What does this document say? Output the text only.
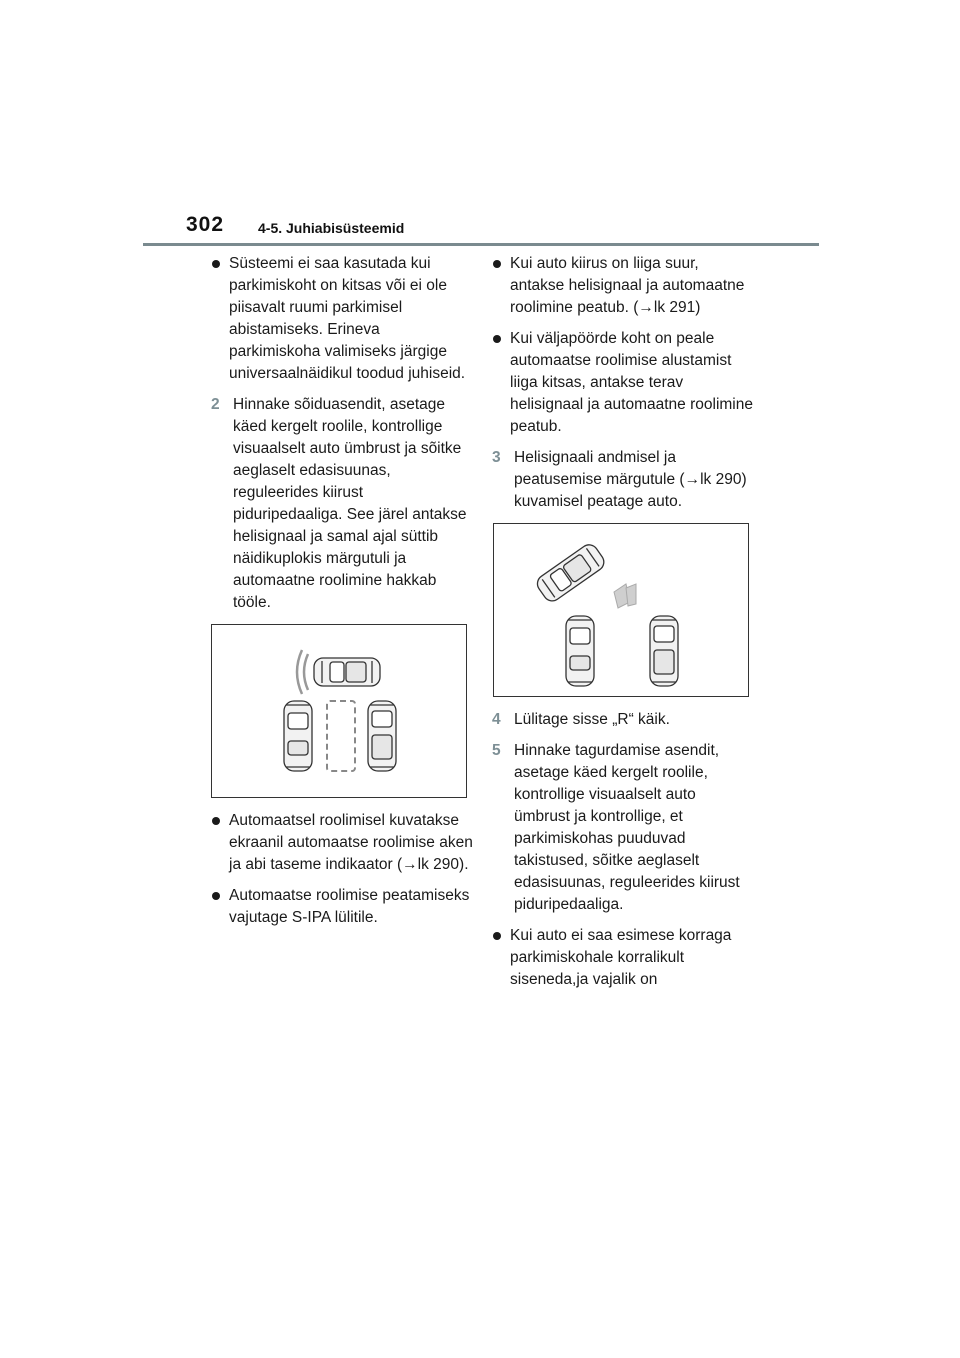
302 4-5. Juhiabisüsteemid
Süsteemi ei saa kasutada kui parkimiskoht on kitsas või ei ole piisavalt ruumi parkimisel abistamiseks. Erineva parkimiskoha valimiseks järgige universaalnäidikul toodud juhiseid.
2 Hinnake sõiduasendit, asetage käed kergelt roolile, kontrollige visuaalselt auto ümbrust ja sõitke aeglaselt edasisuunas, reguleerides kiirust piduripedaaliga. See järel antakse helisignaal ja samal ajal süttib näidikuplokis märgutuli ja automaatne roolimine hakkab tööle.
Automaatsel roolimisel kuvatakse ekraanil automaatse roolimise aken ja abi taseme indikaator (→lk 290).
Automaatse roolimise peatamiseks vajutage S-IPA lülitile.
Kui auto kiirus on liiga suur, antakse helisignaal ja automaatne roolimine peatub. (→lk 291)
Kui väljapöörde koht on peale automaatse roolimise alustamist liiga kitsas, antakse terav helisignaal ja automaatne roolimine peatub.
3 Helisignaali andmisel ja peatusemise märgutule (→lk 290) kuvamisel peatage auto.
4 Lülitage sisse „R“ käik.
5 Hinnake tagurdamise asendit, asetage käed kergelt roolile, kontrollige visuaalselt auto ümbrust ja kontrollige, et parkimiskohas puuduvad takistused, sõitke aeglaselt edasisuunas, reguleerides kiirust piduripedaaliga.
Kui auto ei saa esimese korraga parkimiskohale korralikult siseneda,ja vajalik on
